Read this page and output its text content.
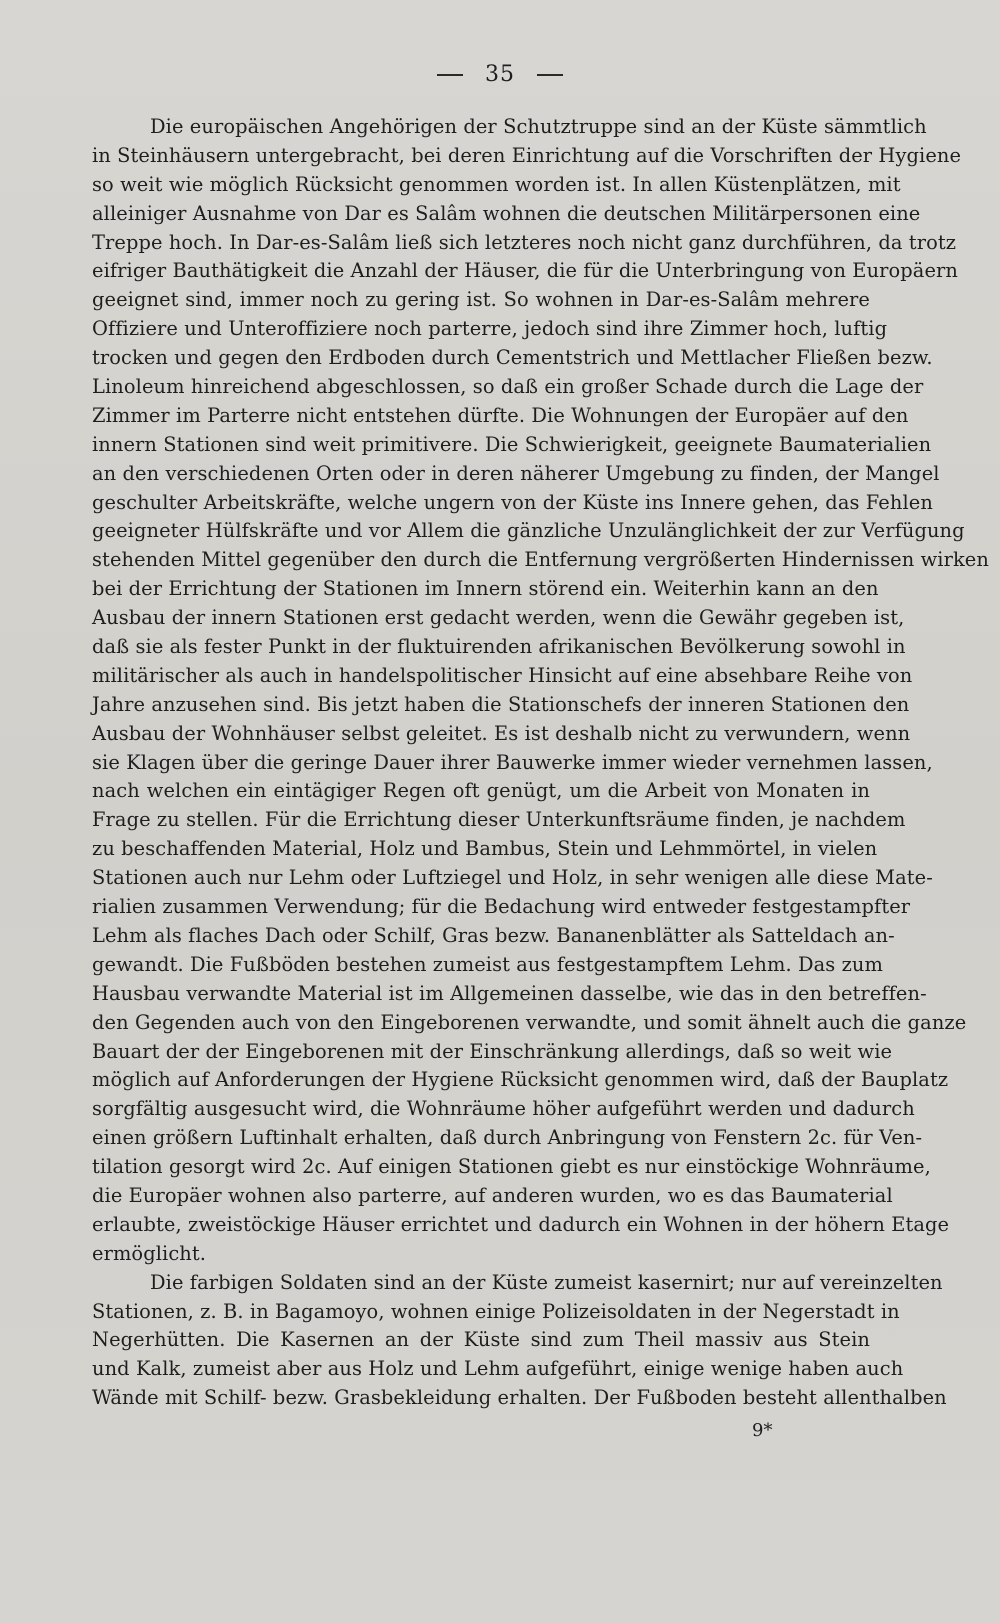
35
Die europäischen Angehörigen der Schutztruppe sind an der Küste sämmtlich
in Steinhäusern untergebracht, bei deren Einrichtung auf die Vorschriften der Hygiene
so weit wie möglich Rücksicht genommen worden ist. In allen Küstenplätzen, mit
alleiniger Ausnahme von Dar es Salâm wohnen die deutschen Militärpersonen eine
Treppe hoch. In Dar-es-Salâm ließ sich letzteres noch nicht ganz durchführen, da trotz
eifriger Bauthätigkeit die Anzahl der Häuser, die für die Unterbringung von Europäern
geeignet sind, immer noch zu gering ist. So wohnen in Dar-es-Salâm mehrere
Offiziere und Unteroffiziere noch parterre, jedoch sind ihre Zimmer hoch, luftig
trocken und gegen den Erdboden durch Cementstrich und Mettlacher Fließen bezw.
Linoleum hinreichend abgeschlossen, so daß ein großer Schade durch die Lage der
Zimmer im Parterre nicht entstehen dürfte. Die Wohnungen der Europäer auf den
innern Stationen sind weit primitivere. Die Schwierigkeit, geeignete Baumaterialien
an den verschiedenen Orten oder in deren näherer Umgebung zu finden, der Mangel
geschulter Arbeitskräfte, welche ungern von der Küste ins Innere gehen, das Fehlen
geeigneter Hülfskräfte und vor Allem die gänzliche Unzulänglichkeit der zur Verfügung
stehenden Mittel gegenüber den durch die Entfernung vergrößerten Hindernissen wirken
bei der Errichtung der Stationen im Innern störend ein. Weiterhin kann an den
Ausbau der innern Stationen erst gedacht werden, wenn die Gewähr gegeben ist,
daß sie als fester Punkt in der fluktuirenden afrikanischen Bevölkerung sowohl in
militärischer als auch in handelspolitischer Hinsicht auf eine absehbare Reihe von
Jahre anzusehen sind. Bis jetzt haben die Stationschefs der inneren Stationen den
Ausbau der Wohnhäuser selbst geleitet. Es ist deshalb nicht zu verwundern, wenn
sie Klagen über die geringe Dauer ihrer Bauwerke immer wieder vernehmen lassen,
nach welchen ein eintägiger Regen oft genügt, um die Arbeit von Monaten in
Frage zu stellen. Für die Errichtung dieser Unterkunftsräume finden, je nachdem
zu beschaffenden Material, Holz und Bambus, Stein und Lehmmörtel, in vielen
Stationen auch nur Lehm oder Luftziegel und Holz, in sehr wenigen alle diese Mate-
rialien zusammen Verwendung; für die Bedachung wird entweder festgestampfter
Lehm als flaches Dach oder Schilf, Gras bezw. Bananenblätter als Satteldach an-
gewandt. Die Fußböden bestehen zumeist aus festgestampftem Lehm. Das zum
Hausbau verwandte Material ist im Allgemeinen dasselbe, wie das in den betreffen-
den Gegenden auch von den Eingeborenen verwandte, und somit ähnelt auch die ganze
Bauart der der Eingeborenen mit der Einschränkung allerdings, daß so weit wie
möglich auf Anforderungen der Hygiene Rücksicht genommen wird, daß der Bauplatz
sorgfältig ausgesucht wird, die Wohnräume höher aufgeführt werden und dadurch
einen größern Luftinhalt erhalten, daß durch Anbringung von Fenstern 2c. für Ven-
tilation gesorgt wird 2c. Auf einigen Stationen giebt es nur einstöckige Wohnräume,
die Europäer wohnen also parterre, auf anderen wurden, wo es das Baumaterial
erlaubte, zweistöckige Häuser errichtet und dadurch ein Wohnen in der höhern Etage
ermöglicht.
Die farbigen Soldaten sind an der Küste zumeist kasernirt; nur auf vereinzelten
Stationen, z. B. in Bagamoyo, wohnen einige Polizeisoldaten in der Negerstadt in
Negerhütten. Die Kasernen an der Küste sind zum Theil massiv aus Stein
und Kalk, zumeist aber aus Holz und Lehm aufgeführt, einige wenige haben auch
Wände mit Schilf- bezw. Grasbekleidung erhalten. Der Fußboden besteht allenthalben
9*
